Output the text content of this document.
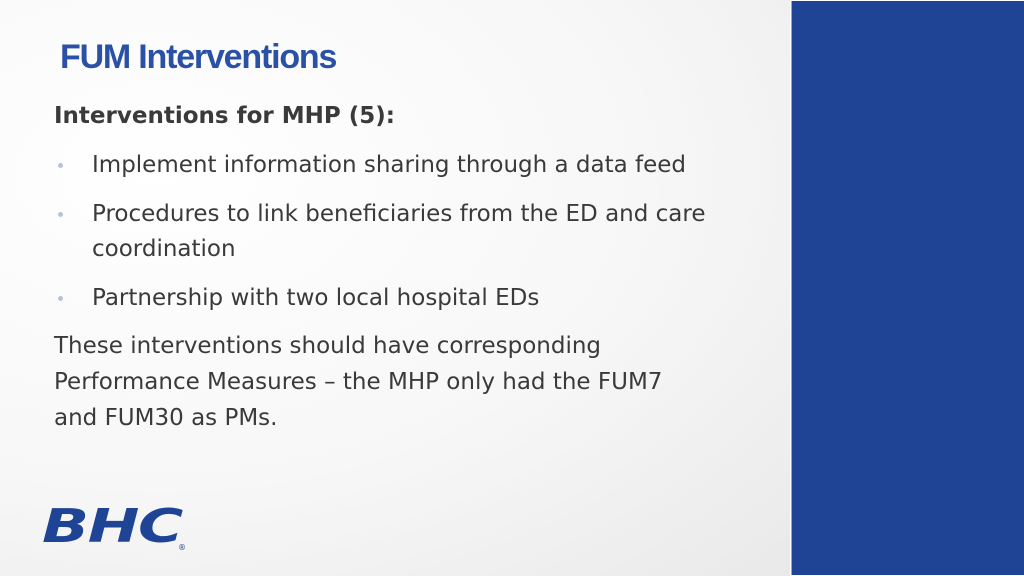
FUM Interventions
Interventions for MHP (5):
Implement information sharing through a data feed
Procedures to link beneficiaries from the ED and care coordination
Partnership with two local hospital EDs
These interventions should have corresponding Performance Measures – the MHP only had the FUM7 and FUM30 as PMs.
BHC
®
